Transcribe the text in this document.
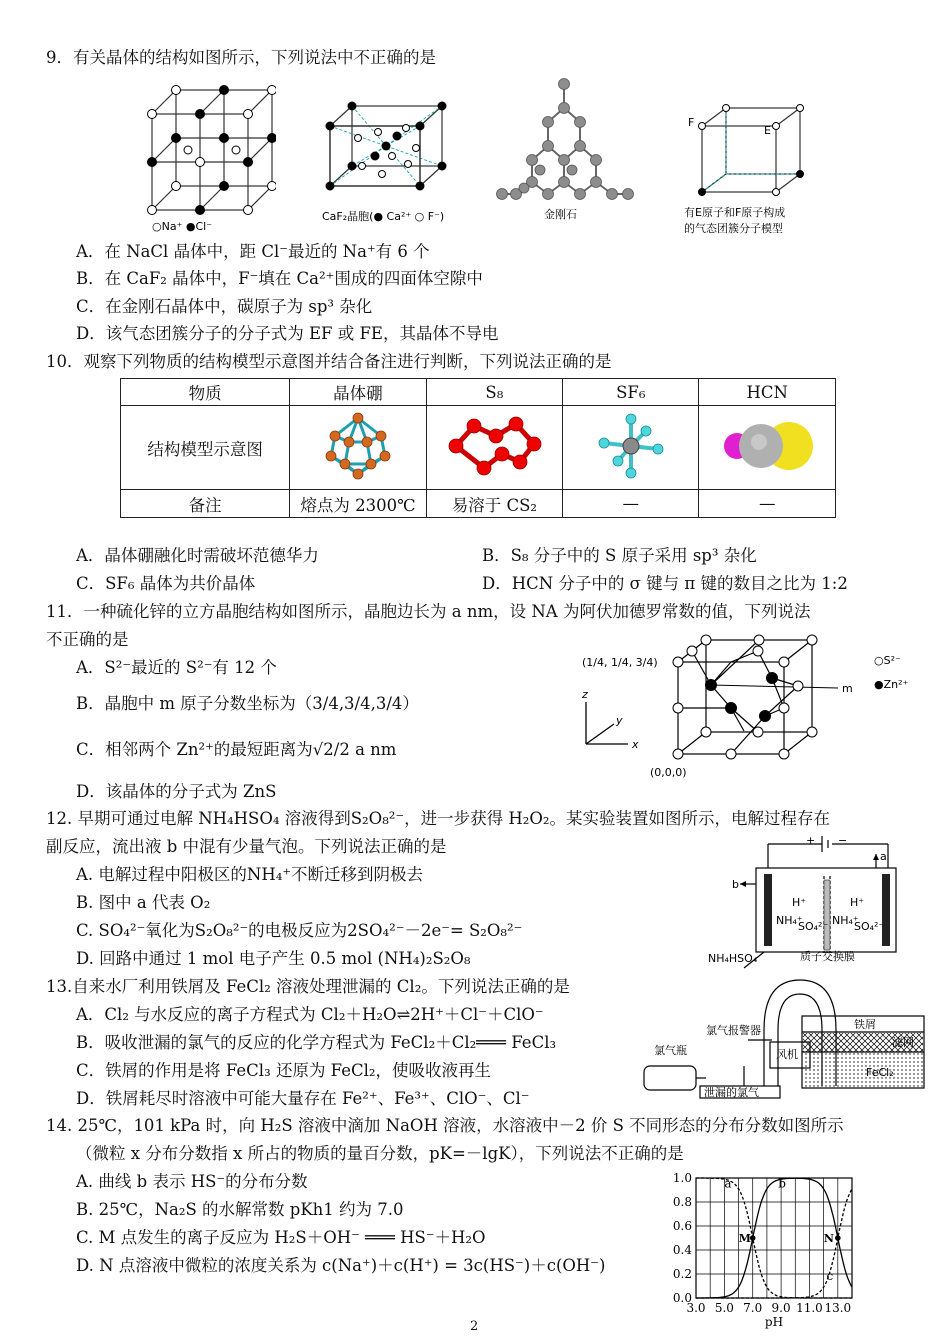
9．有关晶体的结构如图所示，下列说法中不正确的是
○Na⁺ ●Cl⁻
CaF₂晶胞(● Ca²⁺ ○ F⁻)	金刚石
F
E
有E原子和F原子构成
的气态团簇分子模型
A．在 NaCl 晶体中，距 Cl⁻最近的 Na⁺有 6 个
B．在 CaF₂ 晶体中，F⁻填在 Ca²⁺围成的四面体空隙中
C．在金刚石晶体中，碳原子为 sp³ 杂化
D．该气态团簇分子的分子式为 EF 或 FE，其晶体不导电
10．观察下列物质的结构模型示意图并结合备注进行判断，下列说法正确的是
物质	晶体硼	S₈	SF₆	HCN
结构模型示意图				
备注	熔点为 2300℃	易溶于 CS₂	—	—
A．晶体硼融化时需破坏范德华力	B．S₈ 分子中的 S 原子采用 sp³ 杂化
C．SF₆ 晶体为共价晶体	D．HCN 分子中的 σ 键与 π 键的数目之比为 1:2
11．一种硫化锌的立方晶胞结构如图所示，晶胞边长为 a nm，设 NA 为阿伏加德罗常数的值，下列说法
不正确的是
A．S²⁻最近的 S²⁻有 12 个
B．晶胞中 m 原子分数坐标为（3/4,3/4,3/4）
C．相邻两个 Zn²⁺的最短距离为√2/2 a nm
D．该晶体的分子式为 ZnS
(1/4, 1/4, 3/4)
(0,0,0)
z
y
x
m
○S²⁻
●Zn²⁺
12. 早期可通过电解 NH₄HSO₄ 溶液得到S₂O₈²⁻，进一步获得 H₂O₂。某实验装置如图所示，电解过程存在
副反应，流出液 b 中混有少量气泡。下列说法正确的是
A. 电解过程中阳极区的NH₄⁺不断迁移到阴极去
B. 图中 a 代表 O₂
C. SO₄²⁻氧化为S₂O₈²⁻的电极反应为2SO₄²⁻－2e⁻= S₂O₈²⁻
D. 回路中通过 1 mol 电子产生 0.5 mol (NH₄)₂S₂O₈
a
b
+ −
H⁺
NH₄⁺
SO₄²⁻
H⁺
NH₄⁺
SO₄²⁻
NH₄HSO₄	质子交换膜
13.自来水厂利用铁屑及 FeCl₂ 溶液处理泄漏的 Cl₂。下列说法正确的是
A．Cl₂ 与水反应的离子方程式为 Cl₂＋H₂O⇌2H⁺＋Cl⁻＋ClO⁻
B．吸收泄漏的氯气的反应的化学方程式为 FeCl₂＋Cl₂═══ FeCl₃
C．铁屑的作用是将 FeCl₃ 还原为 FeCl₂，使吸收液再生
D．铁屑耗尽时溶液中可能大量存在 Fe²⁺、Fe³⁺、ClO⁻、Cl⁻
氯气瓶
氯气报警器
风机
铁屑
滤网
泄漏的氯气
FeCl₂
14. 25℃，101 kPa 时，向 H₂S 溶液中滴加 NaOH 溶液，水溶液中－2 价 S 不同形态的分布分数如图所示
（微粒 x 分布分数指 x 所占的物质的量百分数，pK=－lgK），下列说法不正确的是
A. 曲线 b 表示 HS⁻的分布分数
B. 25℃，Na₂S 的水解常数 pKh1 约为 7.0
C. M 点发生的离子反应为 H₂S＋OH⁻ ═══ HS⁻＋H₂O
D. N 点溶液中微粒的浓度关系为 c(Na⁺)＋c(H⁺) = 3c(HS⁻)＋c(OH⁻)
a	b
c
0.0
0.2
0.4
0.6
0.8
1.0
3.0 5.0 7.0 9.0 11.0 13.0
pH
M	N
2
